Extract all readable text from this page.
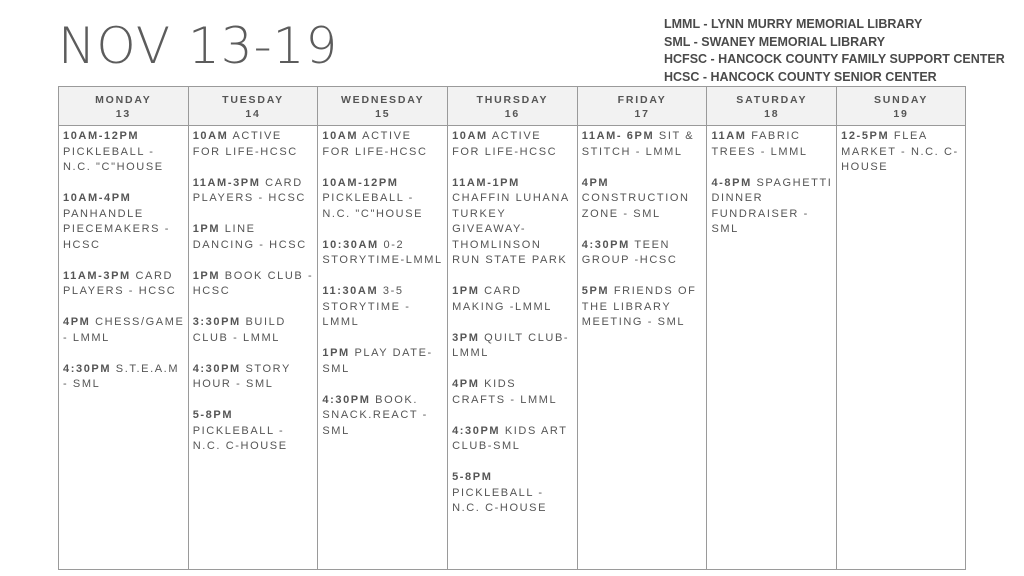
NOV 13-19	LMML - LYNN MURRY MEMORIAL LIBRARY
SML - SWANEY MEMORIAL LIBRARY
HCFSC - HANCOCK COUNTY FAMILY SUPPORT CENTER
HCSC - HANCOCK COUNTY SENIOR CENTER
MONDAY
13
10AM-12PM PICKLEBALL - N.C. "C"HOUSE
10AM-4PM PANHANDLE PIECEMAKERS - HCSC
11AM-3PM CARD PLAYERS - HCSC
4PM CHESS/GAME - LMML
4:30PM S.T.E.A.M - SML
TUESDAY
14
10AM ACTIVE FOR LIFE-HCSC
11AM-3PM CARD PLAYERS - HCSC
1PM LINE DANCING - HCSC
1PM BOOK CLUB - HCSC
3:30PM BUILD CLUB - LMML
4:30PM STORY HOUR - SML
5-8PM PICKLEBALL - N.C. C-HOUSE
WEDNESDAY
15
10AM ACTIVE FOR LIFE-HCSC
10AM-12PM PICKLEBALL - N.C. "C"HOUSE
10:30AM 0-2 STORYTIME-LMML
11:30AM 3-5 STORYTIME - LMML
1PM PLAY DATE- SML
4:30PM BOOK. SNACK.REACT - SML
THURSDAY
16
10AM ACTIVE FOR LIFE-HCSC
11AM-1PM CHAFFIN LUHANA TURKEY GIVEAWAY-THOMLINSON RUN STATE PARK
1PM CARD MAKING -LMML
3PM QUILT CLUB- LMML
4PM KIDS CRAFTS - LMML
4:30PM KIDS ART CLUB-SML
5-8PM PICKLEBALL - N.C. C-HOUSE
FRIDAY
17
11AM- 6PM SIT & STITCH - LMML
4PM CONSTRUCTION ZONE - SML
4:30PM TEEN GROUP -HCSC
5PM FRIENDS OF THE LIBRARY MEETING - SML
SATURDAY
18
11AM FABRIC TREES - LMML
4-8PM SPAGHETTI DINNER FUNDRAISER - SML
SUNDAY
19
12-5PM FLEA MARKET - N.C. C-HOUSE
